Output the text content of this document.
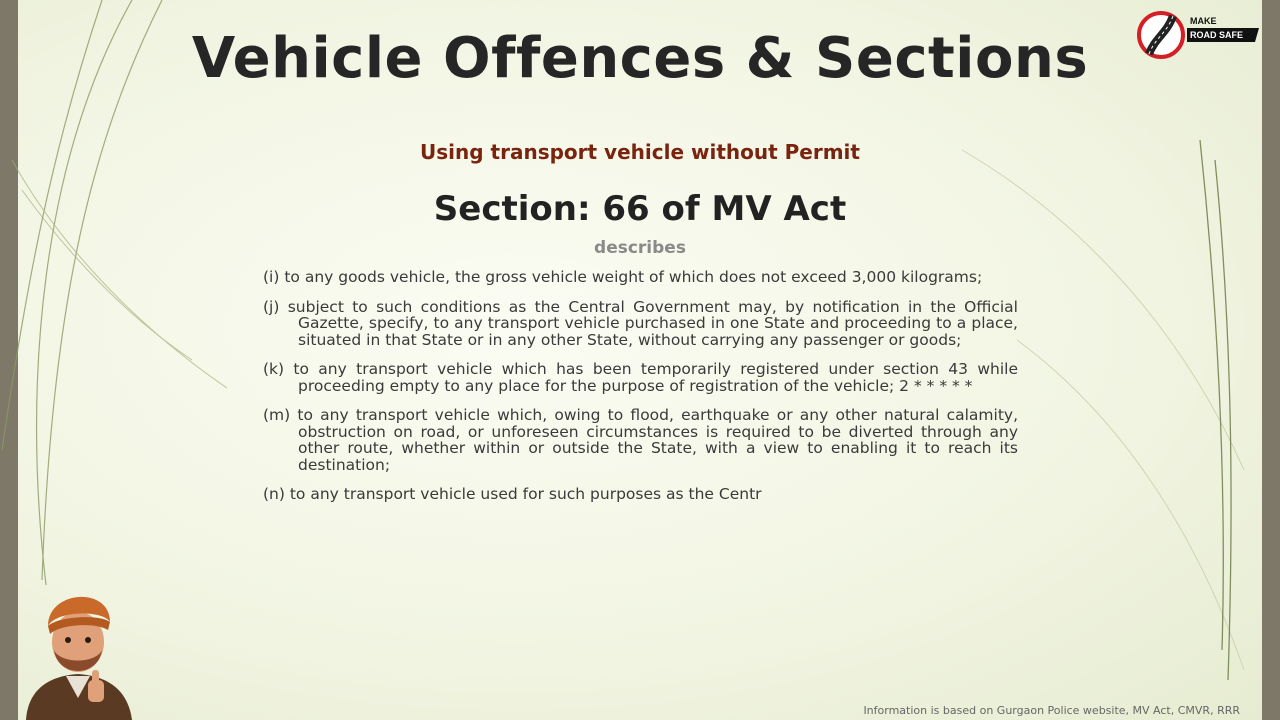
MAKE
ROAD SAFE
Vehicle Offences & Sections
Using transport vehicle without Permit
Section: 66 of MV Act
describes
(i) to any goods vehicle, the gross vehicle weight of which does not exceed 3,000 kilograms;
(j) subject to such conditions as the Central Government may, by notification in the Official Gazette, specify, to any transport vehicle purchased in one State and proceeding to a place, situated in that State or in any other State, without carrying any passenger or goods;
(k) to any transport vehicle which has been temporarily registered under section 43 while proceeding empty to any place for the purpose of registration of the vehicle; 2 * * * * *
(m) to any transport vehicle which, owing to flood, earthquake or any other natural calamity, obstruction on road, or unforeseen circumstances is required to be diverted through any other route, whether within or outside the State, with a view to enabling it to reach its destination;
(n) to any transport vehicle used for such purposes as the Centr
Information is based on Gurgaon Police website, MV Act, CMVR, RRR
